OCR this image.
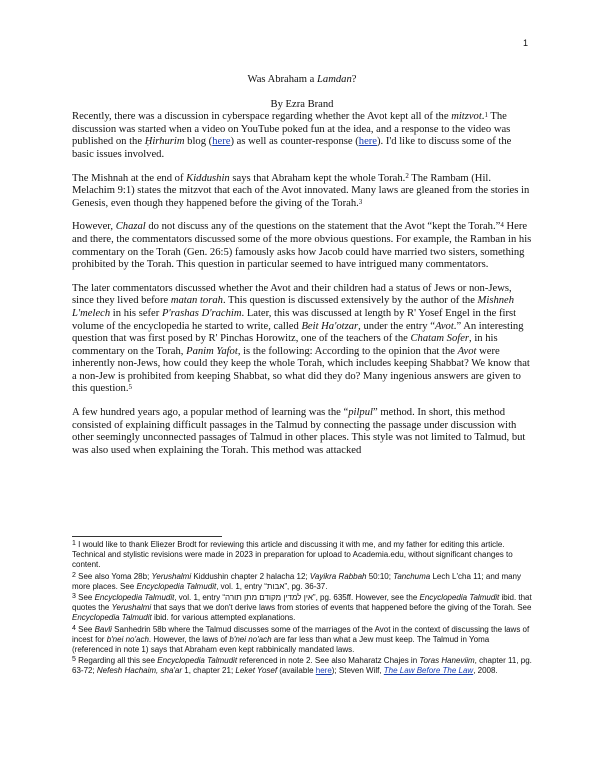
1

Was Abraham a Lamdan?

By Ezra Brand

Recently, there was a discussion in cyberspace regarding whether the Avot kept all of the mitzvot.$^1$ The discussion was started when a video on YouTube poked fun at the idea, and a response to the video was published on the Ḥirhurim blog (here) as well as counter-response (here). I'd like to discuss some of the basic issues involved.

The Mishnah at the end of Kiddushin says that Abraham kept the whole Torah.$^2$ The Rambam (Hil. Melachim 9:1) states the mitzvot that each of the Avot innovated. Many laws are gleaned from the stories in Genesis, even though they happened before the giving of the Torah.$^3$

However, Chazal do not discuss any of the questions on the statement that the Avot “kept the Torah.”$^4$ Here and there, the commentators discussed some of the more obvious questions. For example, the Ramban in his commentary on the Torah (Gen. 26:5) famously asks how Jacob could have married two sisters, something prohibited by the Torah. This question in particular seemed to have intrigued many commentators.

The later commentators discussed whether the Avot and their children had a status of Jews or non-Jews, since they lived before matan torah. This question is discussed extensively by the author of the Mishneh L'melech in his sefer P'rashas D'rachim. Later, this was discussed at length by R' Yosef Engel in the first volume of the encyclopedia he started to write, called Beit Ha'otzar, under the entry “Avot.” An interesting question that was first posed by R' Pinchas Horowitz, one of the teachers of the Chatam Sofer, in his commentary on the Torah, Panim Yafot, is the following: According to the opinion that the Avot were inherently non-Jews, how could they keep the whole Torah, which includes keeping Shabbat? We know that a non-Jew is prohibited from keeping Shabbat, so what did they do? Many ingenious answers are given to this question.$^5$

A few hundred years ago, a popular method of learning was the “pilpul” method. In short, this method consisted of explaining difficult passages in the Talmud by connecting the passage under discussion with other seemingly unconnected passages of Talmud in other places. This style was not limited to Talmud, but was also used when explaining the Torah. This method was attacked

$^1$ I would like to thank Eliezer Brodt for reviewing this article and discussing it with me, and my father for editing this article. Technical and stylistic revisions were made in 2023 in preparation for upload to Academia.edu, without significant changes to content.

$^2$ See also Yoma 28b; Yerushalmi Kiddushin chapter 2 halacha 12; Vayikra Rabbah 50:10; Tanchuma Lech L'cha 11; and many more places. See Encyclopedia Talmudit, vol. 1, entry “אבות”, pg. 36-37.

$^3$ See Encyclopedia Talmudit, vol. 1, entry “אין למדין מקודם מתן תורה”, pg. 635ff. However, see the Encyclopedia Talmudit ibid. that quotes the Yerushalmi that says that we don't derive laws from stories of events that happened before the giving of the Torah. See Encyclopedia Talmudit ibid. for various attempted explanations.

$^4$ See Bavli Sanhedrin 58b where the Talmud discusses some of the marriages of the Avot in the context of discussing the laws of incest for b'nei no'ach. However, the laws of b'nei no'ach are far less than what a Jew must keep. The Talmud in Yoma (referenced in note 1) says that Abraham even kept rabbinically mandated laws.

$^5$ Regarding all this see Encyclopedia Talmudit referenced in note 2. See also Maharatz Chajes in Toras Haneviim, chapter 11, pg. 63-72; Nefesh Hachaim, sha'ar 1, chapter 21; Leket Yosef (available here); Steven Wilf, The Law Before The Law, 2008.
